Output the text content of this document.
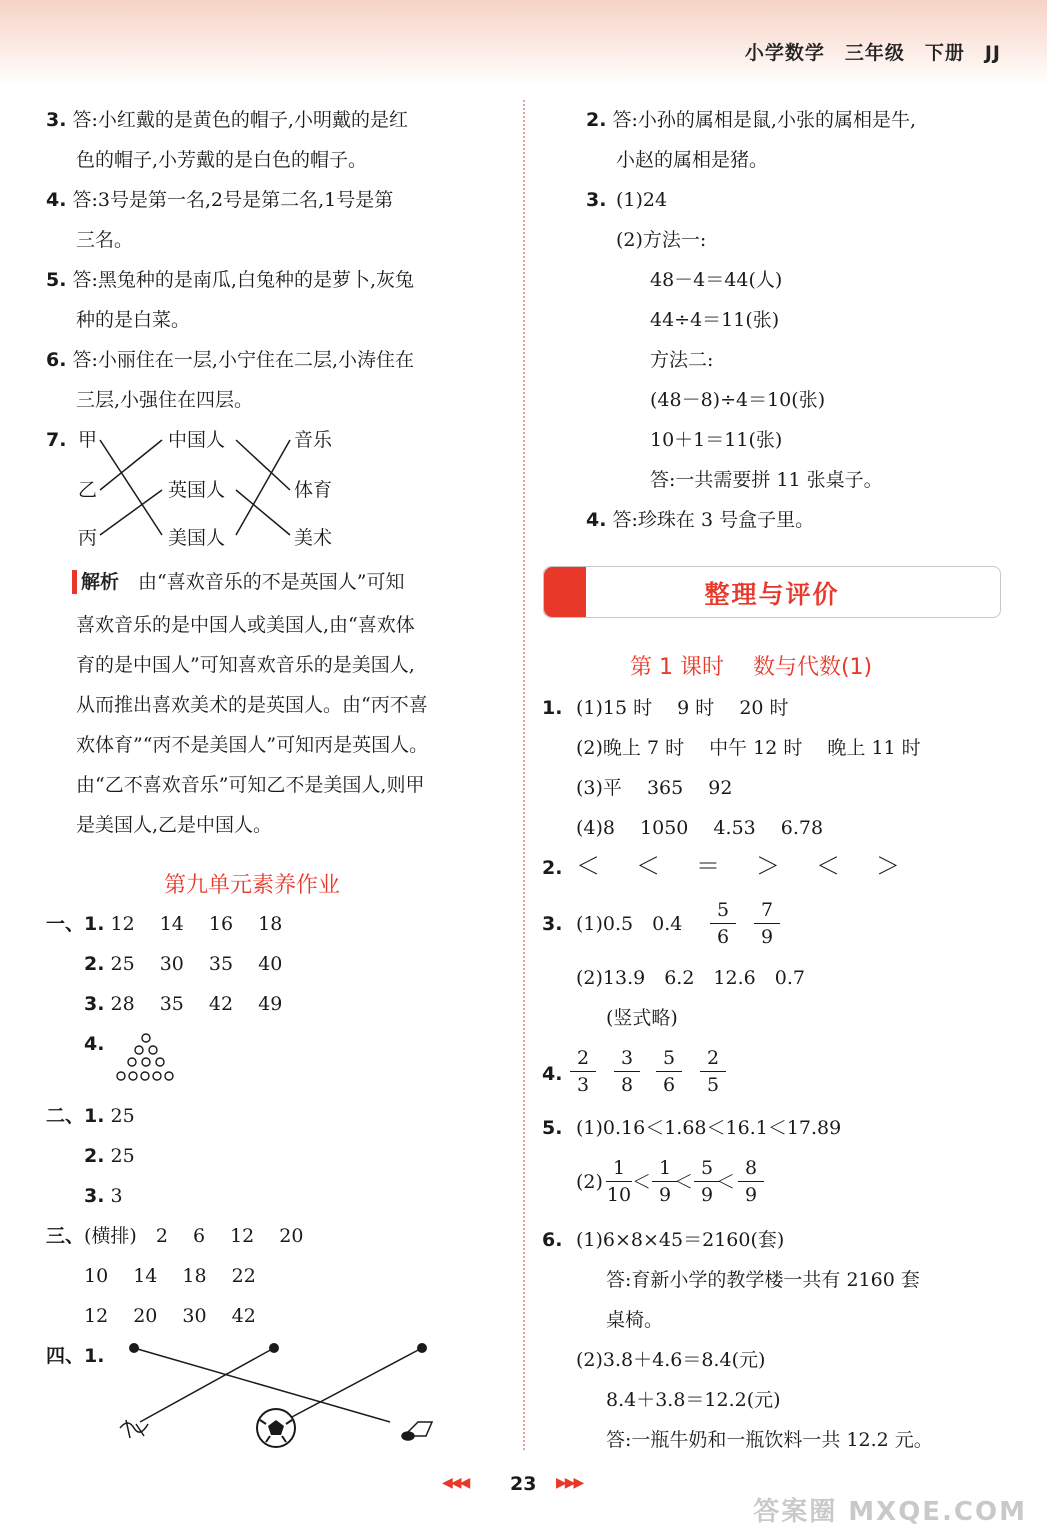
小学数学　三年级　下册　JJ
3. 答:小红戴的是黄色的帽子,小明戴的是红
色的帽子,小芳戴的是白色的帽子。
4. 答:3号是第一名,2号是第二名,1号是第
三名。
5. 答:黑兔种的是南瓜,白兔种的是萝卜,灰兔
种的是白菜。
6. 答:小丽住在一层,小宁住在二层,小涛住在
三层,小强住在四层。
7. 甲
乙
丙
中国人
英国人
美国人
音乐
体育
美术
解析　 由“喜欢音乐的不是英国人”可知
喜欢音乐的是中国人或美国人,由“喜欢体
育的是中国人”可知喜欢音乐的是美国人,
从而推出喜欢美术的是英国人。由“丙不喜
欢体育”“丙不是美国人”可知丙是英国人。
由“乙不喜欢音乐”可知乙不是美国人,则甲
是美国人,乙是中国人。
第九单元素养作业
一、 1. 12　 14　 16　 18
2. 25　 30　 35　 40
3. 28　 35　 42　 49
4.
二、 1. 25
2. 25
3. 3
三、 (横排)　2　 6　 12　 20
10　 14　 18　 22
12　 20　 30　 42
四、 1.
2. 答:小孙的属相是鼠,小张的属相是牛,
小赵的属相是猪。
3. (1)24
(2)方法一:
48－4＝44(人)
44÷4＝11(张)
方法二:
(48－8)÷4＝10(张)
10＋1＝11(张)
答:一共需要拼 11 张桌子。
4. 答:珍珠在 3 号盒子里。
整理与评价
第 1 课时　 数与代数(1)
1. (1)15 时　 9 时　 20 时
(2)晚上 7 时　 中午 12 时　 晚上 11 时
(3)平　 365　 92
(4)8　 1050　 4.53　 6.78
2. ＜　＜　＝　＞　＜　＞
3. (1)0.5　0.4
5
6
7
9
(2)13.9　6.2　12.6　0.7
(竖式略)
4.
2
3
3
8
5
6
2
5
5. (1)0.16＜1.68＜16.1＜17.89
(2)
1
10
＜
1
9
＜
5
9
＜
8
9
6. (1)6×8×45＝2160(套)
答:育新小学的教学楼一共有 2160 套
桌椅。
(2)3.8＋4.6＝8.4(元)
8.4＋3.8＝12.2(元)
答:一瓶牛奶和一瓶饮料一共 12.2 元。
◀◀◀ 23 ▶▶▶
答案圈 MXQE.COM
